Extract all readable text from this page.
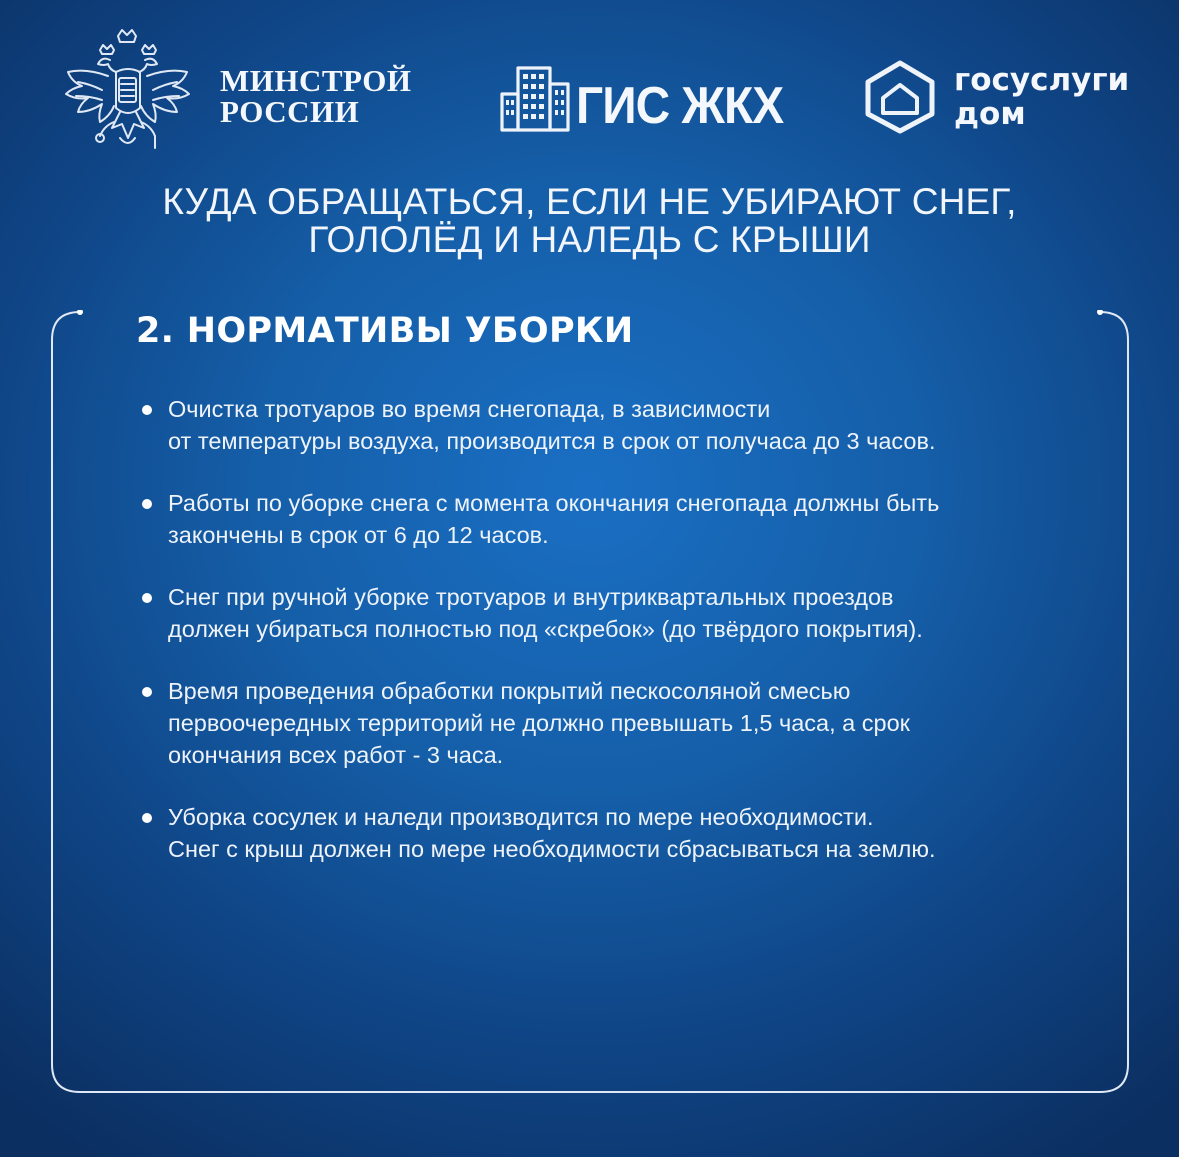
МИНСТРОЙ
РОССИИ	ГИС ЖКХ	госуслуги
дом
КУДА ОБРАЩАТЬСЯ, ЕСЛИ НЕ УБИРАЮТ СНЕГ,
ГОЛОЛЁД И НАЛЕДЬ С КРЫШИ
2. НОРМАТИВЫ УБОРКИ
Очистка тротуаров во время снегопада, в зависимости
от температуры воздуха, производится в срок от получаса до 3 часов.
Работы по уборке снега с момента окончания снегопада должны быть
закончены в срок от 6 до 12 часов.
Снег при ручной уборке тротуаров и внутриквартальных проездов
должен убираться полностью под «скребок» (до твёрдого покрытия).
Время проведения обработки покрытий пескосоляной смесью
первоочередных территорий не должно превышать 1,5 часа, а срок
окончания всех работ - 3 часа.
Уборка сосулек и наледи производится по мере необходимости.
Снег с крыш должен по мере необходимости сбрасываться на землю.
